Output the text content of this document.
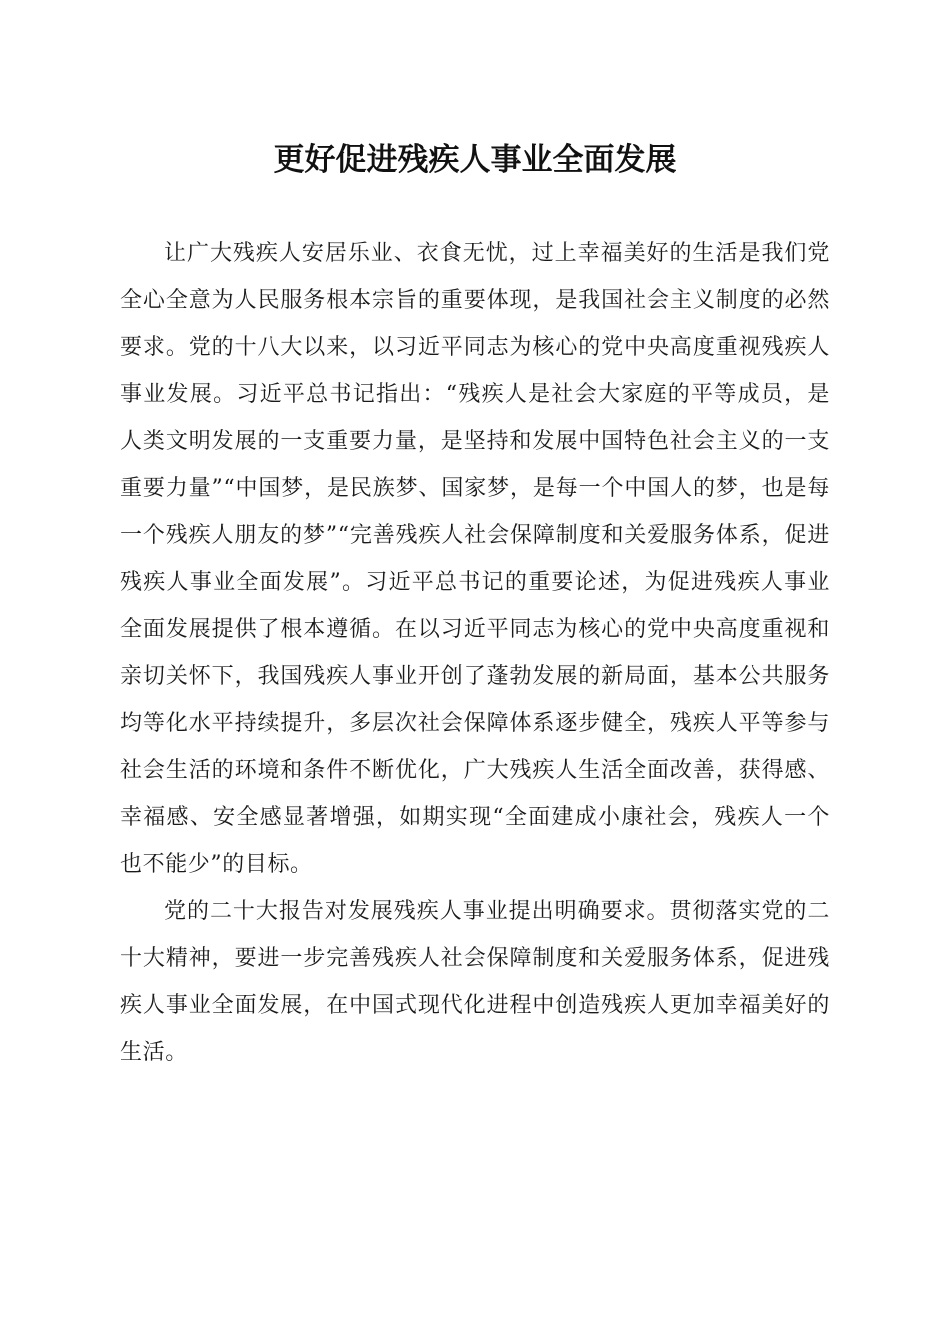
更好促进残疾人事业全面发展

让广大残疾人安居乐业、衣食无忧，过上幸福美好的生活是我们党全心全意为人民服务根本宗旨的重要体现，是我国社会主义制度的必然要求。党的十八大以来，以习近平同志为核心的党中央高度重视残疾人事业发展。习近平总书记指出：“残疾人是社会大家庭的平等成员，是人类文明发展的一支重要力量，是坚持和发展中国特色社会主义的一支重要力量”“中国梦，是民族梦、国家梦，是每一个中国人的梦，也是每一个残疾人朋友的梦”“完善残疾人社会保障制度和关爱服务体系，促进残疾人事业全面发展”。习近平总书记的重要论述，为促进残疾人事业全面发展提供了根本遵循。在以习近平同志为核心的党中央高度重视和亲切关怀下，我国残疾人事业开创了蓬勃发展的新局面，基本公共服务均等化水平持续提升，多层次社会保障体系逐步健全，残疾人平等参与社会生活的环境和条件不断优化，广大残疾人生活全面改善，获得感、幸福感、安全感显著增强，如期实现“全面建成小康社会，残疾人一个也不能少”的目标。

党的二十大报告对发展残疾人事业提出明确要求。贯彻落实党的二十大精神，要进一步完善残疾人社会保障制度和关爱服务体系，促进残疾人事业全面发展，在中国式现代化进程中创造残疾人更加幸福美好的生活。
